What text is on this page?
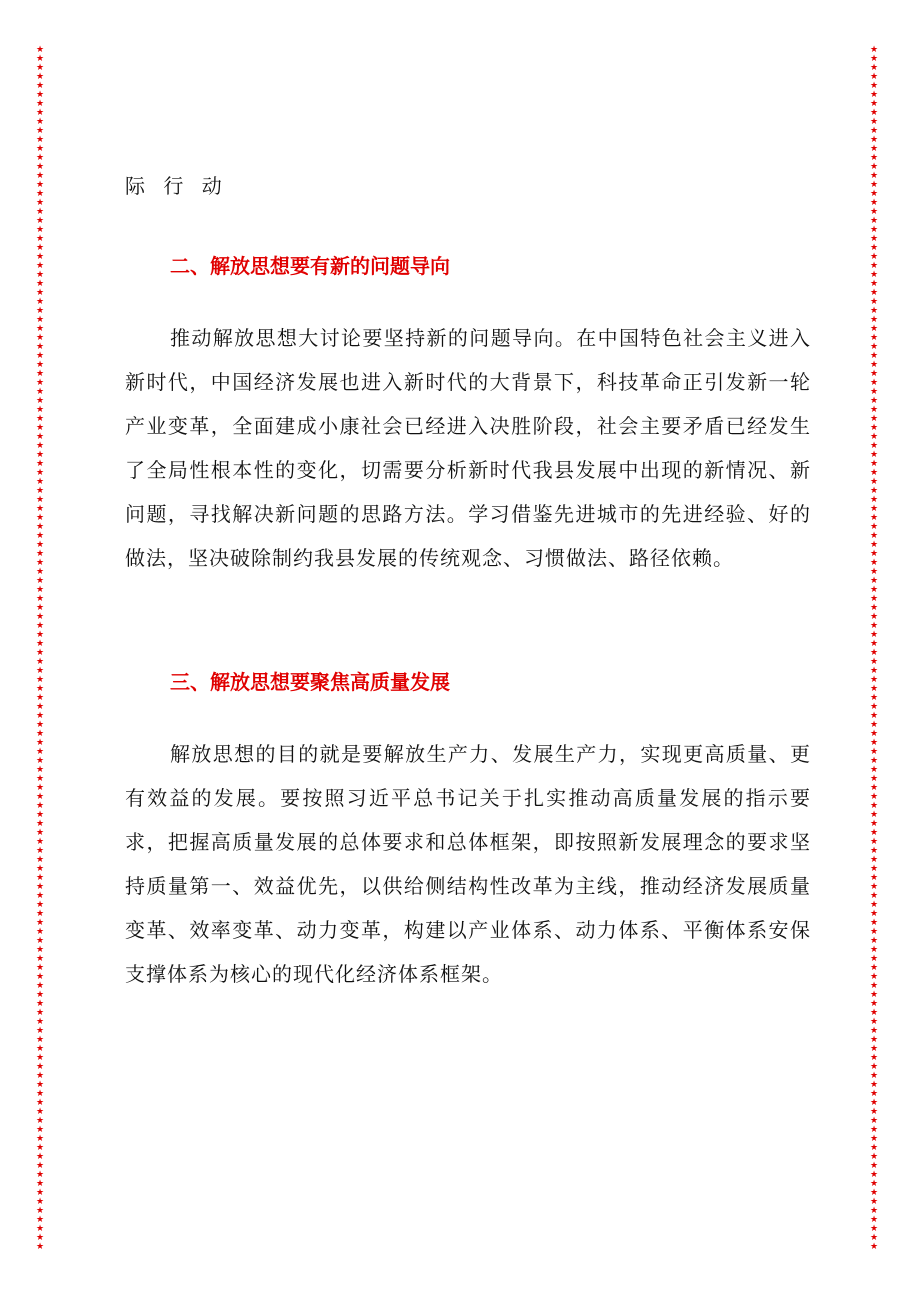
★
★
★
★
★
★
★
★
★
★
★
★
★
★
★
★
★
★
★
★
★
★
★
★
★
★
★
★
★
★
★
★
★
★
★
★
★
★
★
★
★
★
★
★
★
★
★
★
★
★
★
★
★
★
★
★
★
★
★
★
★
★
★
★
★
★
★
★
★
★
★
★
★
★
★
★
★
★
★
★
★
★
★
★
★
★
★
★
★
★
★
★
★
★
★
★
★
★
★
★
★
★
★
★
★
★
★
★
★
★
★
★
★
★
★
★
★
★
★
★
★
★
★
★
★
★
★
★
★
★
★
★
★
★
★
★
★
★
★
★
★
★
★
★
★
★
★
★
★
★
★
★
★
★
★
★
★
★
★
★
★
★
★
★
★
★
★
★
★
★
★
★
★
★
★
★
★
★
★
★
★
★
★
★
★
★
★
★
★
★
★
★
★
★
★
★
★
★
★
★
★
★
★
★
★
★
★
★
★
★
★
★
★
★
★
★
★
★
★
★
★
★
★
★
★
★
★
★
★
★
★
★
★
★
★
★
★
★
★
★
★
★
★
★
★
★
★
★
★
★
★
★
★
★
★
★
★
★
★
★
★
★
★
★
★
★
★
★

际 行 动

二、解放思想要有新的问题导向

推动解放思想大讨论要坚持新的问题导向。在中国特色社会主义进入新时代，中国经济发展也进入新时代的大背景下，科技革命正引发新一轮产业变革，全面建成小康社会已经进入决胜阶段，社会主要矛盾已经发生了全局性根本性的变化，切需要分析新时代我县发展中出现的新情况、新问题，寻找解决新问题的思路方法。学习借鉴先进城市的先进经验、好的做法，坚决破除制约我县发展的传统观念、习惯做法、路径依赖。

三、解放思想要聚焦高质量发展

解放思想的目的就是要解放生产力、发展生产力，实现更高质量、更有效益的发展。要按照习近平总书记关于扎实推动高质量发展的指示要求，把握高质量发展的总体要求和总体框架，即按照新发展理念的要求坚持质量第一、效益优先，以供给侧结构性改革为主线，推动经济发展质量变革、效率变革、动力变革，构建以产业体系、动力体系、平衡体系安保支撑体系为核心的现代化经济体系框架。
